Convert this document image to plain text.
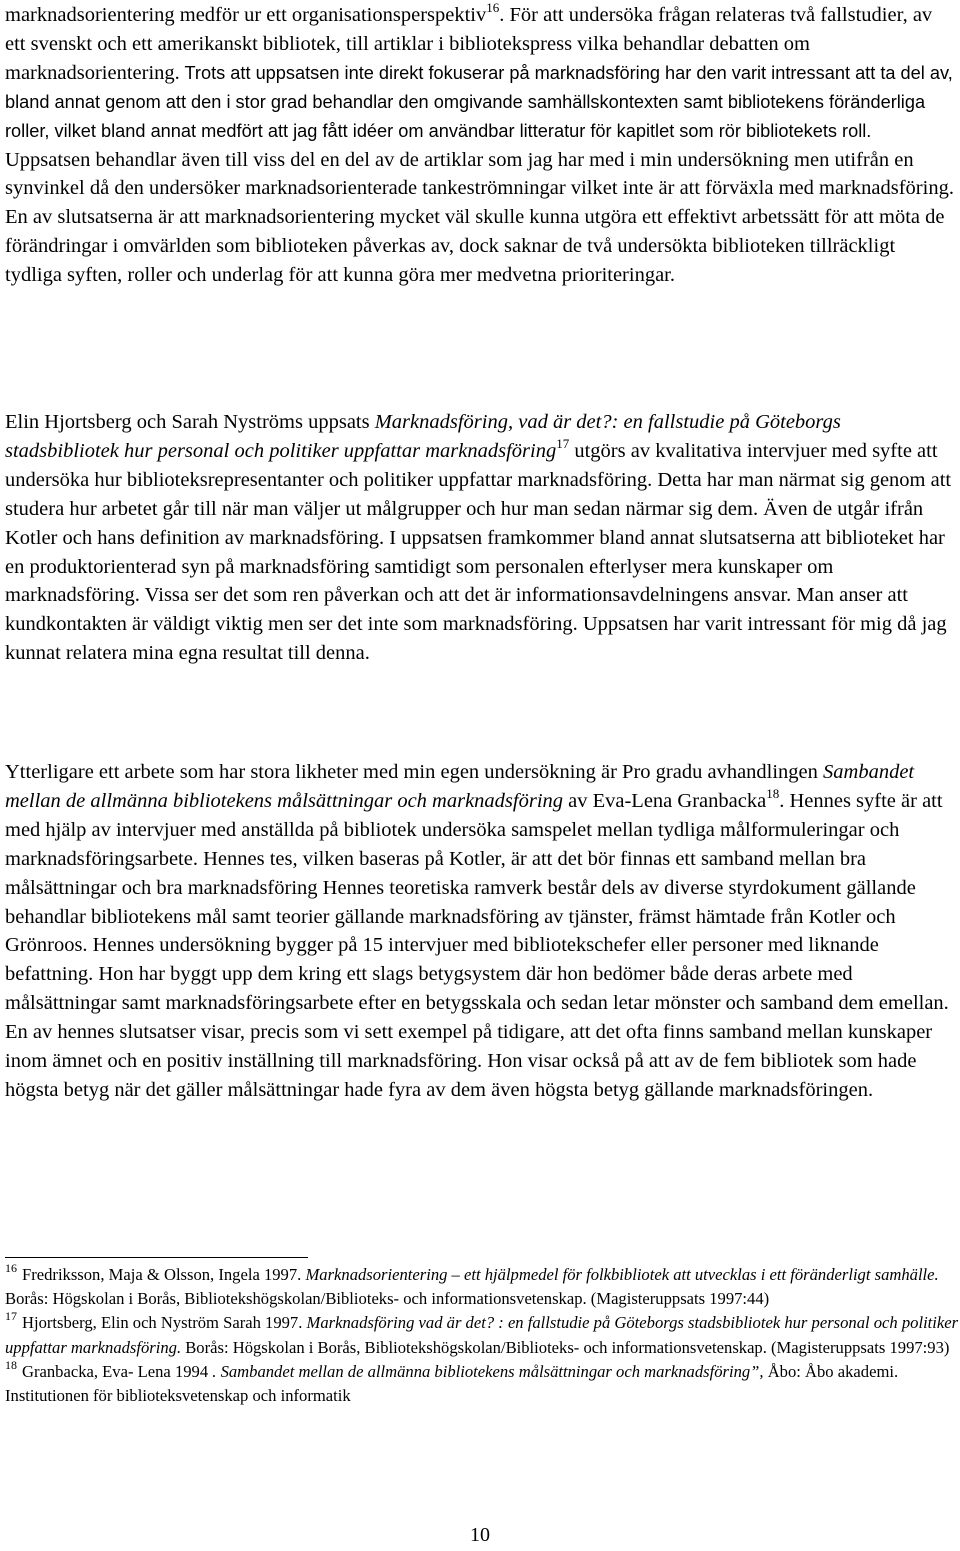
marknadsorientering medför ur ett organisationsperspektiv$^{16}$. För att undersöka frågan relateras två fallstudier, av ett svenskt och ett amerikanskt bibliotek, till artiklar i bibliotekspress vilka behandlar debatten om marknadsorientering. Trots att uppsatsen inte direkt fokuserar på marknadsföring har den varit intressant att ta del av, bland annat genom att den i stor grad behandlar den omgivande samhällskontexten samt bibliotekens föränderliga roller, vilket bland annat medfört att jag fått idéer om användbar litteratur för kapitlet som rör bibliotekets roll. Uppsatsen behandlar även till viss del en del av de artiklar som jag har med i min undersökning men utifrån en synvinkel då den undersöker marknadsorienterade tankeströmningar vilket inte är att förväxla med marknadsföring. En av slutsatserna är att marknadsorientering mycket väl skulle kunna utgöra ett effektivt arbetssätt för att möta de förändringar i omvärlden som biblioteken påverkas av, dock saknar de två undersökta biblioteken tillräckligt tydliga syften, roller och underlag för att kunna göra mer medvetna prioriteringar.

Elin Hjortsberg och Sarah Nyströms uppsats Marknadsföring, vad är det?: en fallstudie på Göteborgs stadsbibliotek hur personal och politiker uppfattar marknadsföring$^{17}$ utgörs av kvalitativa intervjuer med syfte att undersöka hur biblioteksrepresentanter och politiker uppfattar marknadsföring. Detta har man närmat sig genom att studera hur arbetet går till när man väljer ut målgrupper och hur man sedan närmar sig dem. Även de utgår ifrån Kotler och hans definition av marknadsföring. I uppsatsen framkommer bland annat slutsatserna att biblioteket har en produktorienterad syn på marknadsföring samtidigt som personalen efterlyser mera kunskaper om marknadsföring. Vissa ser det som ren påverkan och att det är informationsavdelningens ansvar. Man anser att kundkontakten är väldigt viktig men ser det inte som marknadsföring. Uppsatsen har varit intressant för mig då jag kunnat relatera mina egna resultat till denna.

Ytterligare ett arbete som har stora likheter med min egen undersökning är Pro gradu avhandlingen Sambandet mellan de allmänna bibliotekens målsättningar och marknadsföring av Eva-Lena Granbacka$^{18}$. Hennes syfte är att med hjälp av intervjuer med anställda på bibliotek undersöka samspelet mellan tydliga målformuleringar och marknadsföringsarbete. Hennes tes, vilken baseras på Kotler, är att det bör finnas ett samband mellan bra målsättningar och bra marknadsföring Hennes teoretiska ramverk består dels av diverse styrdokument gällande behandlar bibliotekens mål samt teorier gällande marknadsföring av tjänster, främst hämtade från Kotler och Grönroos. Hennes undersökning bygger på 15 intervjuer med bibliotekschefer eller personer med liknande befattning. Hon har byggt upp dem kring ett slags betygsystem där hon bedömer både deras arbete med målsättningar samt marknadsföringsarbete efter en betygsskala och sedan letar mönster och samband dem emellan. En av hennes slutsatser visar, precis som vi sett exempel på tidigare, att det ofta finns samband mellan kunskaper inom ämnet och en positiv inställning till marknadsföring. Hon visar också på att av de fem bibliotek som hade högsta betyg när det gäller målsättningar hade fyra av dem även högsta betyg gällande marknadsföringen.

$^{16}$ Fredriksson, Maja & Olsson, Ingela 1997. Marknadsorientering – ett hjälpmedel för folkbibliotek att utvecklas i ett föränderligt samhälle. Borås: Högskolan i Borås, Bibliotekshögskolan/Biblioteks- och informationsvetenskap. (Magisteruppsats 1997:44)

$^{17}$ Hjortsberg, Elin och Nyström Sarah 1997. Marknadsföring vad är det? : en fallstudie på Göteborgs stadsbibliotek hur personal och politiker uppfattar marknadsföring. Borås: Högskolan i Borås, Bibliotekshögskolan/Biblioteks- och informationsvetenskap. (Magisteruppsats 1997:93)

$^{18}$ Granbacka, Eva- Lena 1994 . Sambandet mellan de allmänna bibliotekens målsättningar och marknadsföring”, Åbo: Åbo akademi. Institutionen för biblioteksvetenskap och informatik

10
